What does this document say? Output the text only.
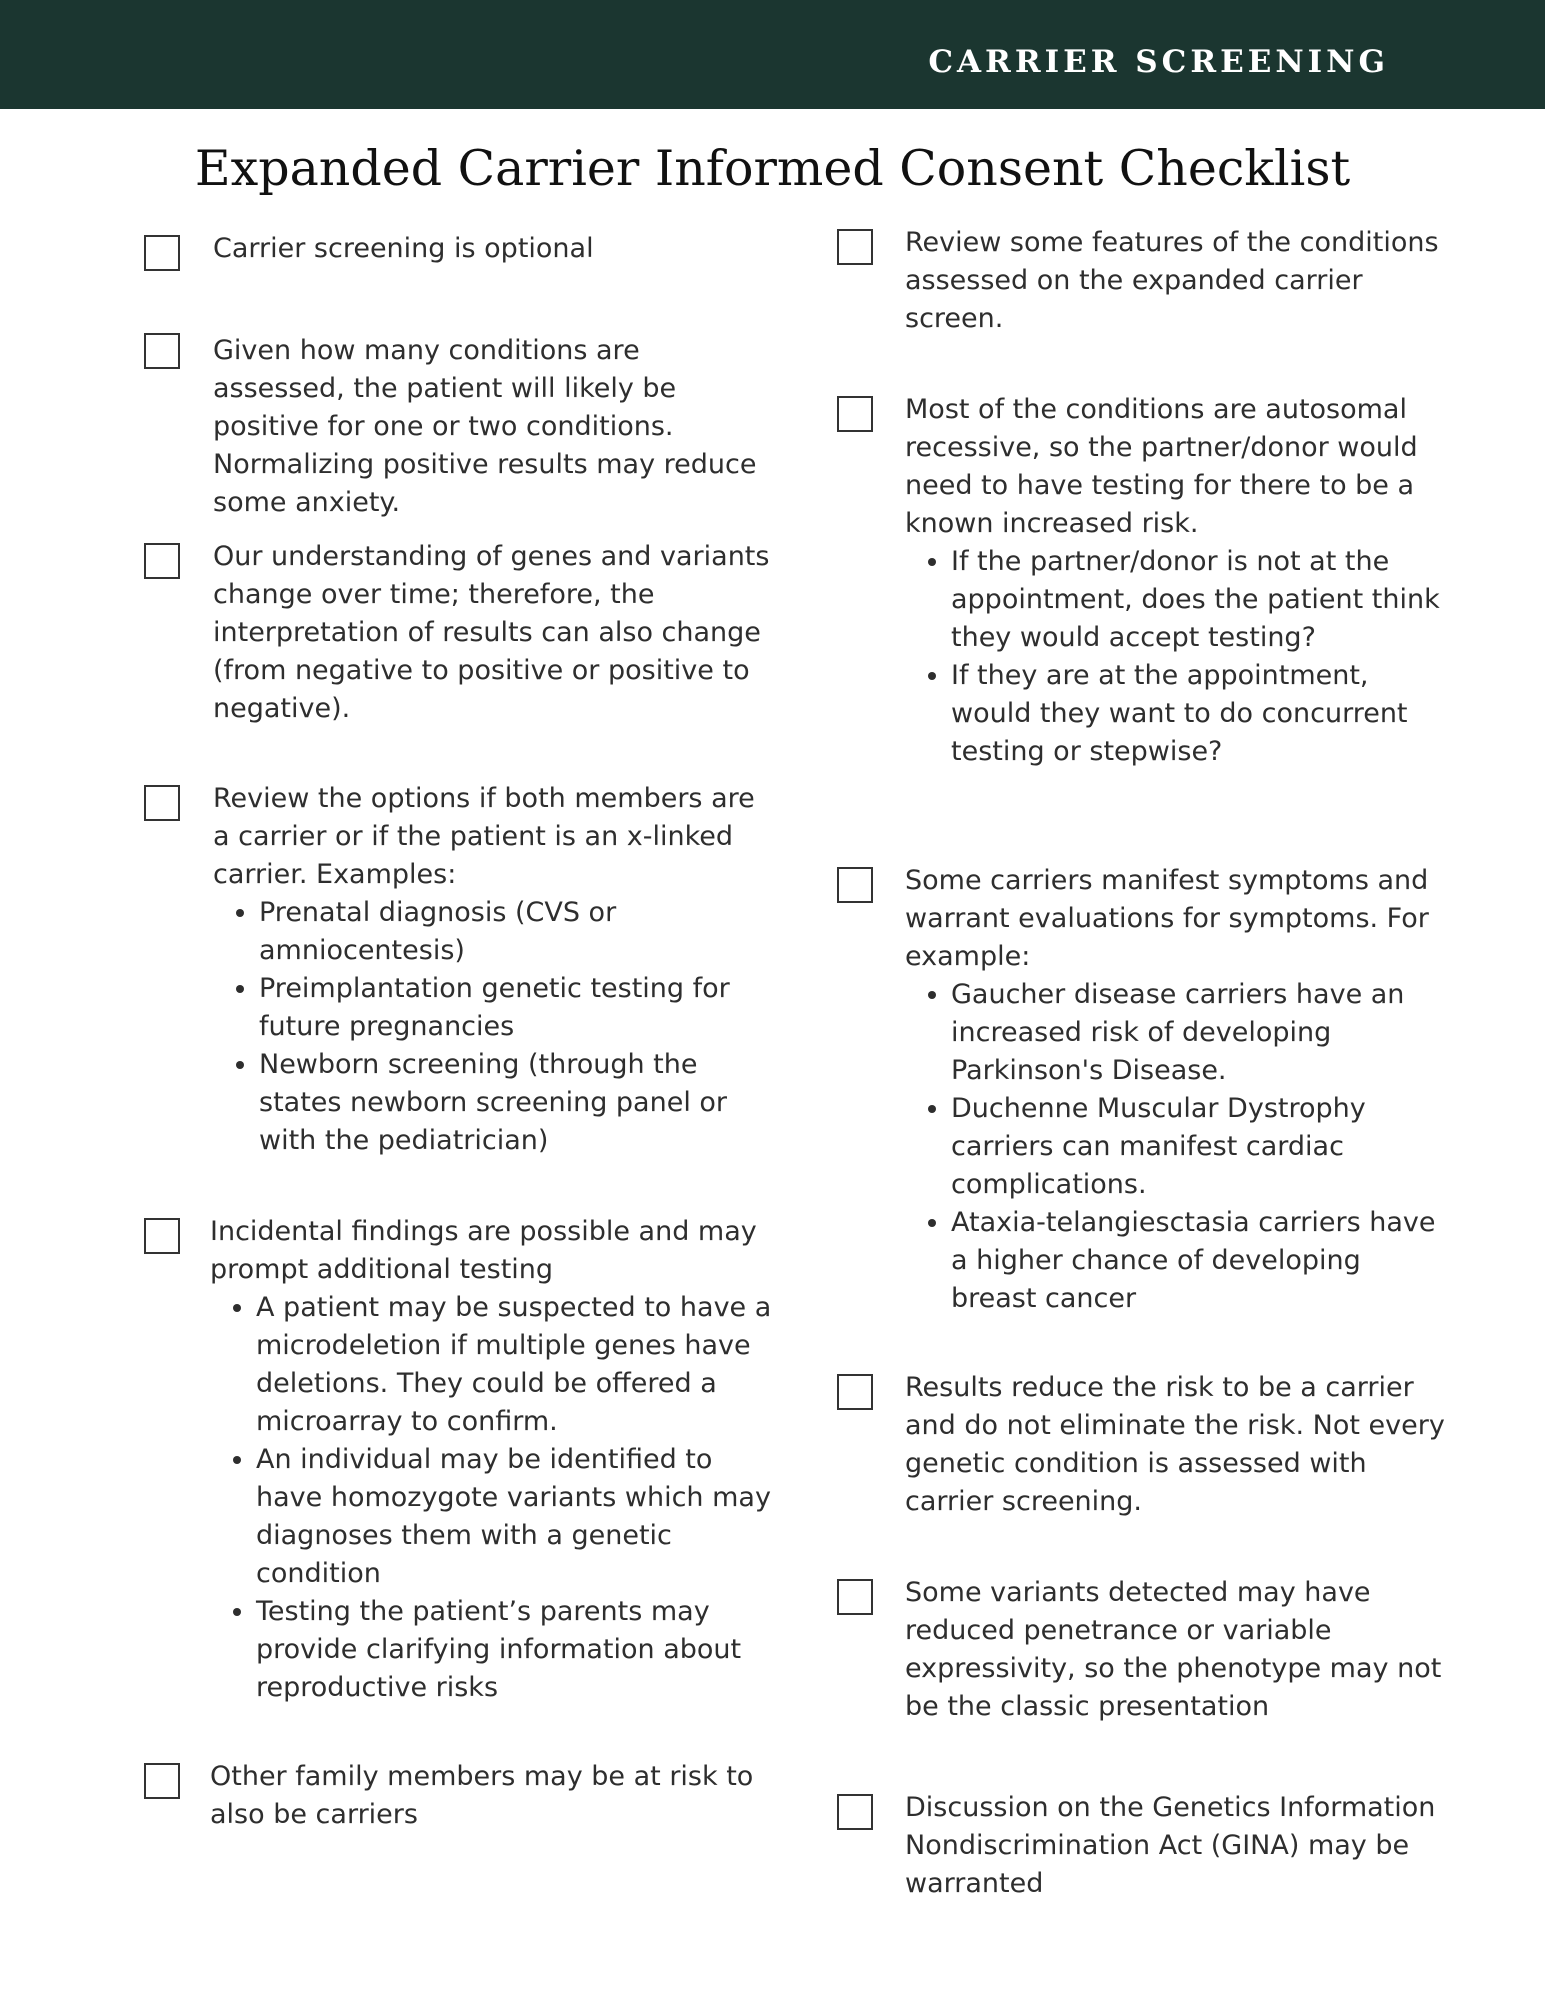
CARRIER SCREENING
Expanded Carrier Informed Consent Checklist

Carrier screening is optional

Given how many conditions are assessed, the patient will likely be positive for one or two conditions. Normalizing positive results may reduce some anxiety.

Our understanding of genes and variants change over time; therefore, the interpretation of results can also change (from negative to positive or positive to negative).

Review the options if both members are a carrier or if the patient is an x-linked carrier. Examples:

• Prenatal diagnosis (CVS or amniocentesis)
• Preimplantation genetic testing for future pregnancies
• Newborn screening (through the states newborn screening panel or with the pediatrician)

Incidental findings are possible and may prompt additional testing

• A patient may be suspected to have a microdeletion if multiple genes have deletions. They could be offered a microarray to confirm.
• An individual may be identified to have homozygote variants which may diagnoses them with a genetic condition
• Testing the patient’s parents may provide clarifying information about reproductive risks

Other family members may be at risk to also be carriers

Review some features of the conditions assessed on the expanded carrier screen.

Most of the conditions are autosomal recessive, so the partner/donor would need to have testing for there to be a known increased risk.

• If the partner/donor is not at the appointment, does the patient think they would accept testing?
• If they are at the appointment, would they want to do concurrent testing or stepwise?

Some carriers manifest symptoms and warrant evaluations for symptoms. For example:

• Gaucher disease carriers have an increased risk of developing Parkinson's Disease.
• Duchenne Muscular Dystrophy carriers can manifest cardiac complications.
• Ataxia-telangiesctasia carriers have a higher chance of developing breast cancer

Results reduce the risk to be a carrier and do not eliminate the risk. Not every genetic condition is assessed with carrier screening.

Some variants detected may have reduced penetrance or variable expressivity, so the phenotype may not be the classic presentation

Discussion on the Genetics Information Nondiscrimination Act (GINA) may be warranted
